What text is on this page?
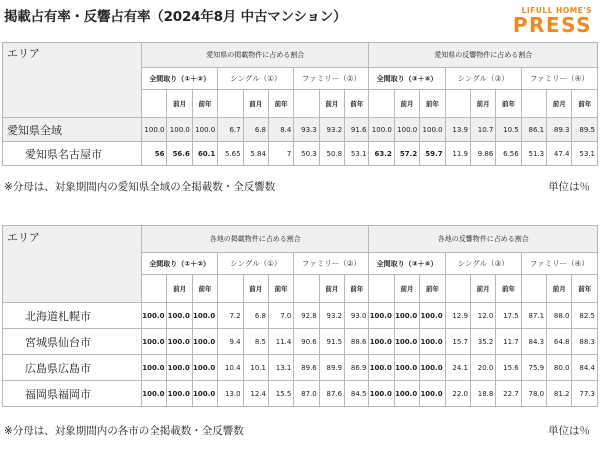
掲載占有率・反響占有率（2024年8月 中古マンション）	LIFULL HOME'S
PRESS
エリア	愛知県の掲載物件に占める割合									愛知県の反響物件に占める割合								
	全間取り（①＋②）			シングル（①）			ファミリー（②）			全間取り（③＋④）			シングル（③）			ファミリー（④）		
		前月	前年		前月	前年		前月	前年		前月	前年		前月	前年		前月	前年
愛知県全域	100.0	100.0	100.0	6.7	6.8	8.4	93.3	93.2	91.6	100.0	100.0	100.0	13.9	10.7	10.5	86.1	89.3	89.5
愛知県名古屋市	56	56.6	60.1	5.65	5.84	7	50.3	50.8	53.1	63.2	57.2	59.7	11.9	9.86	6.56	51.3	47.4	53.1
※分母は、対象期間内の愛知県全域の全掲載数・全反響数	単位は％
エリア	各地の掲載物件に占める割合									各地の反響物件に占める割合								
	全間取り（①＋②）			シングル（①）			ファミリー（②）			全間取り（③＋④）			シングル（③）			ファミリー（④）		
		前月	前年		前月	前年		前月	前年		前月	前年		前月	前年		前月	前年
北海道札幌市	100.0	100.0	100.0	7.2	6.8	7.0	92.8	93.2	93.0	100.0	100.0	100.0	12.9	12.0	17.5	87.1	88.0	82.5
宮城県仙台市	100.0	100.0	100.0	9.4	8.5	11.4	90.6	91.5	88.6	100.0	100.0	100.0	15.7	35.2	11.7	84.3	64.8	88.3
広島県広島市	100.0	100.0	100.0	10.4	10.1	13.1	89.6	89.9	86.9	100.0	100.0	100.0	24.1	20.0	15.6	75.9	80.0	84.4
福岡県福岡市	100.0	100.0	100.0	13.0	12.4	15.5	87.0	87.6	84.5	100.0	100.0	100.0	22.0	18.8	22.7	78.0	81.2	77.3
※分母は、対象期間内の各市の全掲載数・全反響数	単位は％
